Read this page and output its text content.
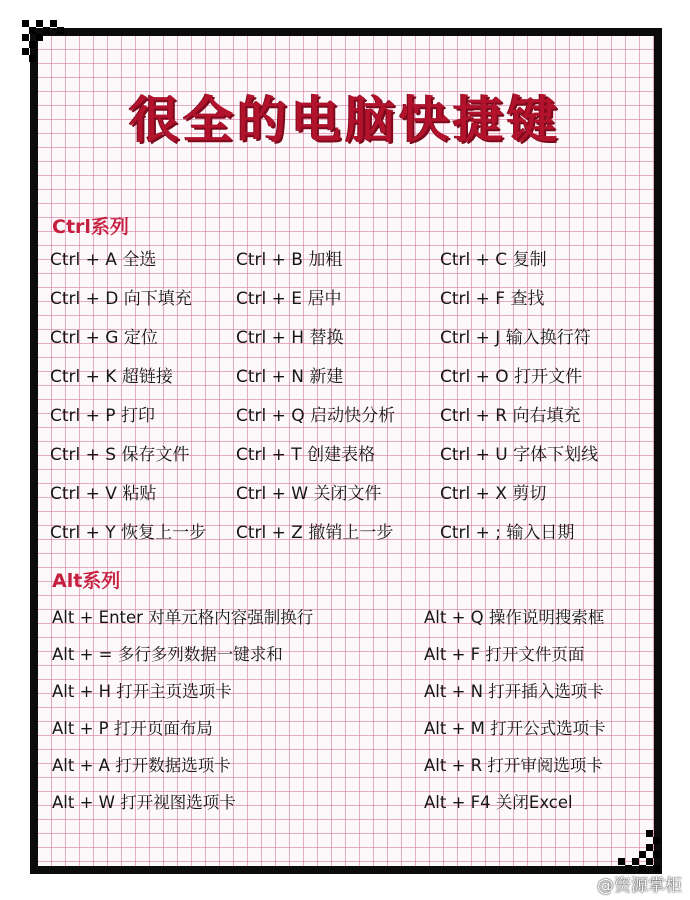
很全的电脑快捷键
Ctrl系列
Ctrl + A 全选	Ctrl + B 加粗	Ctrl + C 复制
Ctrl + D 向下填充	Ctrl + E 居中	Ctrl + F 查找
Ctrl + G 定位	Ctrl + H 替换	Ctrl + J 输入换行符
Ctrl + K 超链接	Ctrl + N 新建	Ctrl + O 打开文件
Ctrl + P 打印	Ctrl + Q 启动快分析	Ctrl + R 向右填充
Ctrl + S 保存文件	Ctrl + T 创建表格	Ctrl + U 字体下划线
Ctrl + V 粘贴	Ctrl + W 关闭文件	Ctrl + X 剪切
Ctrl + Y 恢复上一步	Ctrl + Z 撤销上一步	Ctrl + ; 输入日期
Alt系列
Alt + Enter 对单元格内容强制换行	Alt + Q 操作说明搜索框
Alt + = 多行多列数据一键求和	Alt + F 打开文件页面
Alt + H 打开主页选项卡	Alt + N 打开插入选项卡
Alt + P 打开页面布局	Alt + M 打开公式选项卡
Alt + A 打开数据选项卡	Alt + R 打开审阅选项卡
Alt + W 打开视图选项卡	Alt + F4 关闭Excel
@资源掌柜
